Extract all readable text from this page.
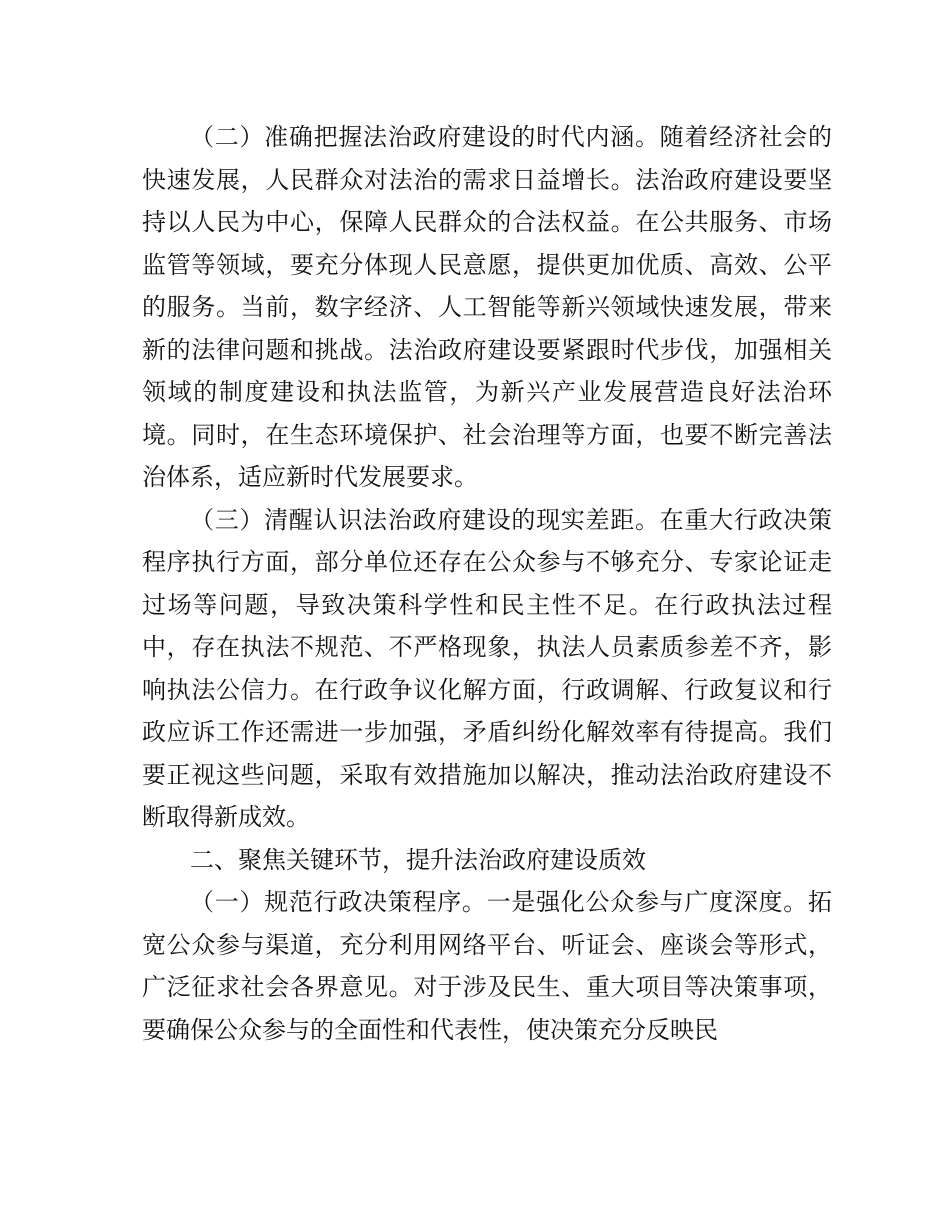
（二）准确把握法治政府建设的时代内涵。随着经济社会的快速发展，人民群众对法治的需求日益增长。法治政府建设要坚持以人民为中心，保障人民群众的合法权益。在公共服务、市场监管等领域，要充分体现人民意愿，提供更加优质、高效、公平的服务。当前，数字经济、人工智能等新兴领域快速发展，带来新的法律问题和挑战。法治政府建设要紧跟时代步伐，加强相关领域的制度建设和执法监管，为新兴产业发展营造良好法治环境。同时，在生态环境保护、社会治理等方面，也要不断完善法治体系，适应新时代发展要求。

（三）清醒认识法治政府建设的现实差距。在重大行政决策程序执行方面，部分单位还存在公众参与不够充分、专家论证走过场等问题，导致决策科学性和民主性不足。在行政执法过程中，存在执法不规范、不严格现象，执法人员素质参差不齐，影响执法公信力。在行政争议化解方面，行政调解、行政复议和行政应诉工作还需进一步加强，矛盾纠纷化解效率有待提高。我们要正视这些问题，采取有效措施加以解决，推动法治政府建设不断取得新成效。

二、聚焦关键环节，提升法治政府建设质效

（一）规范行政决策程序。一是强化公众参与广度深度。拓宽公众参与渠道，充分利用网络平台、听证会、座谈会等形式，广泛征求社会各界意见。对于涉及民生、重大项目等决策事项，要确保公众参与的全面性和代表性，使决策充分反映民
